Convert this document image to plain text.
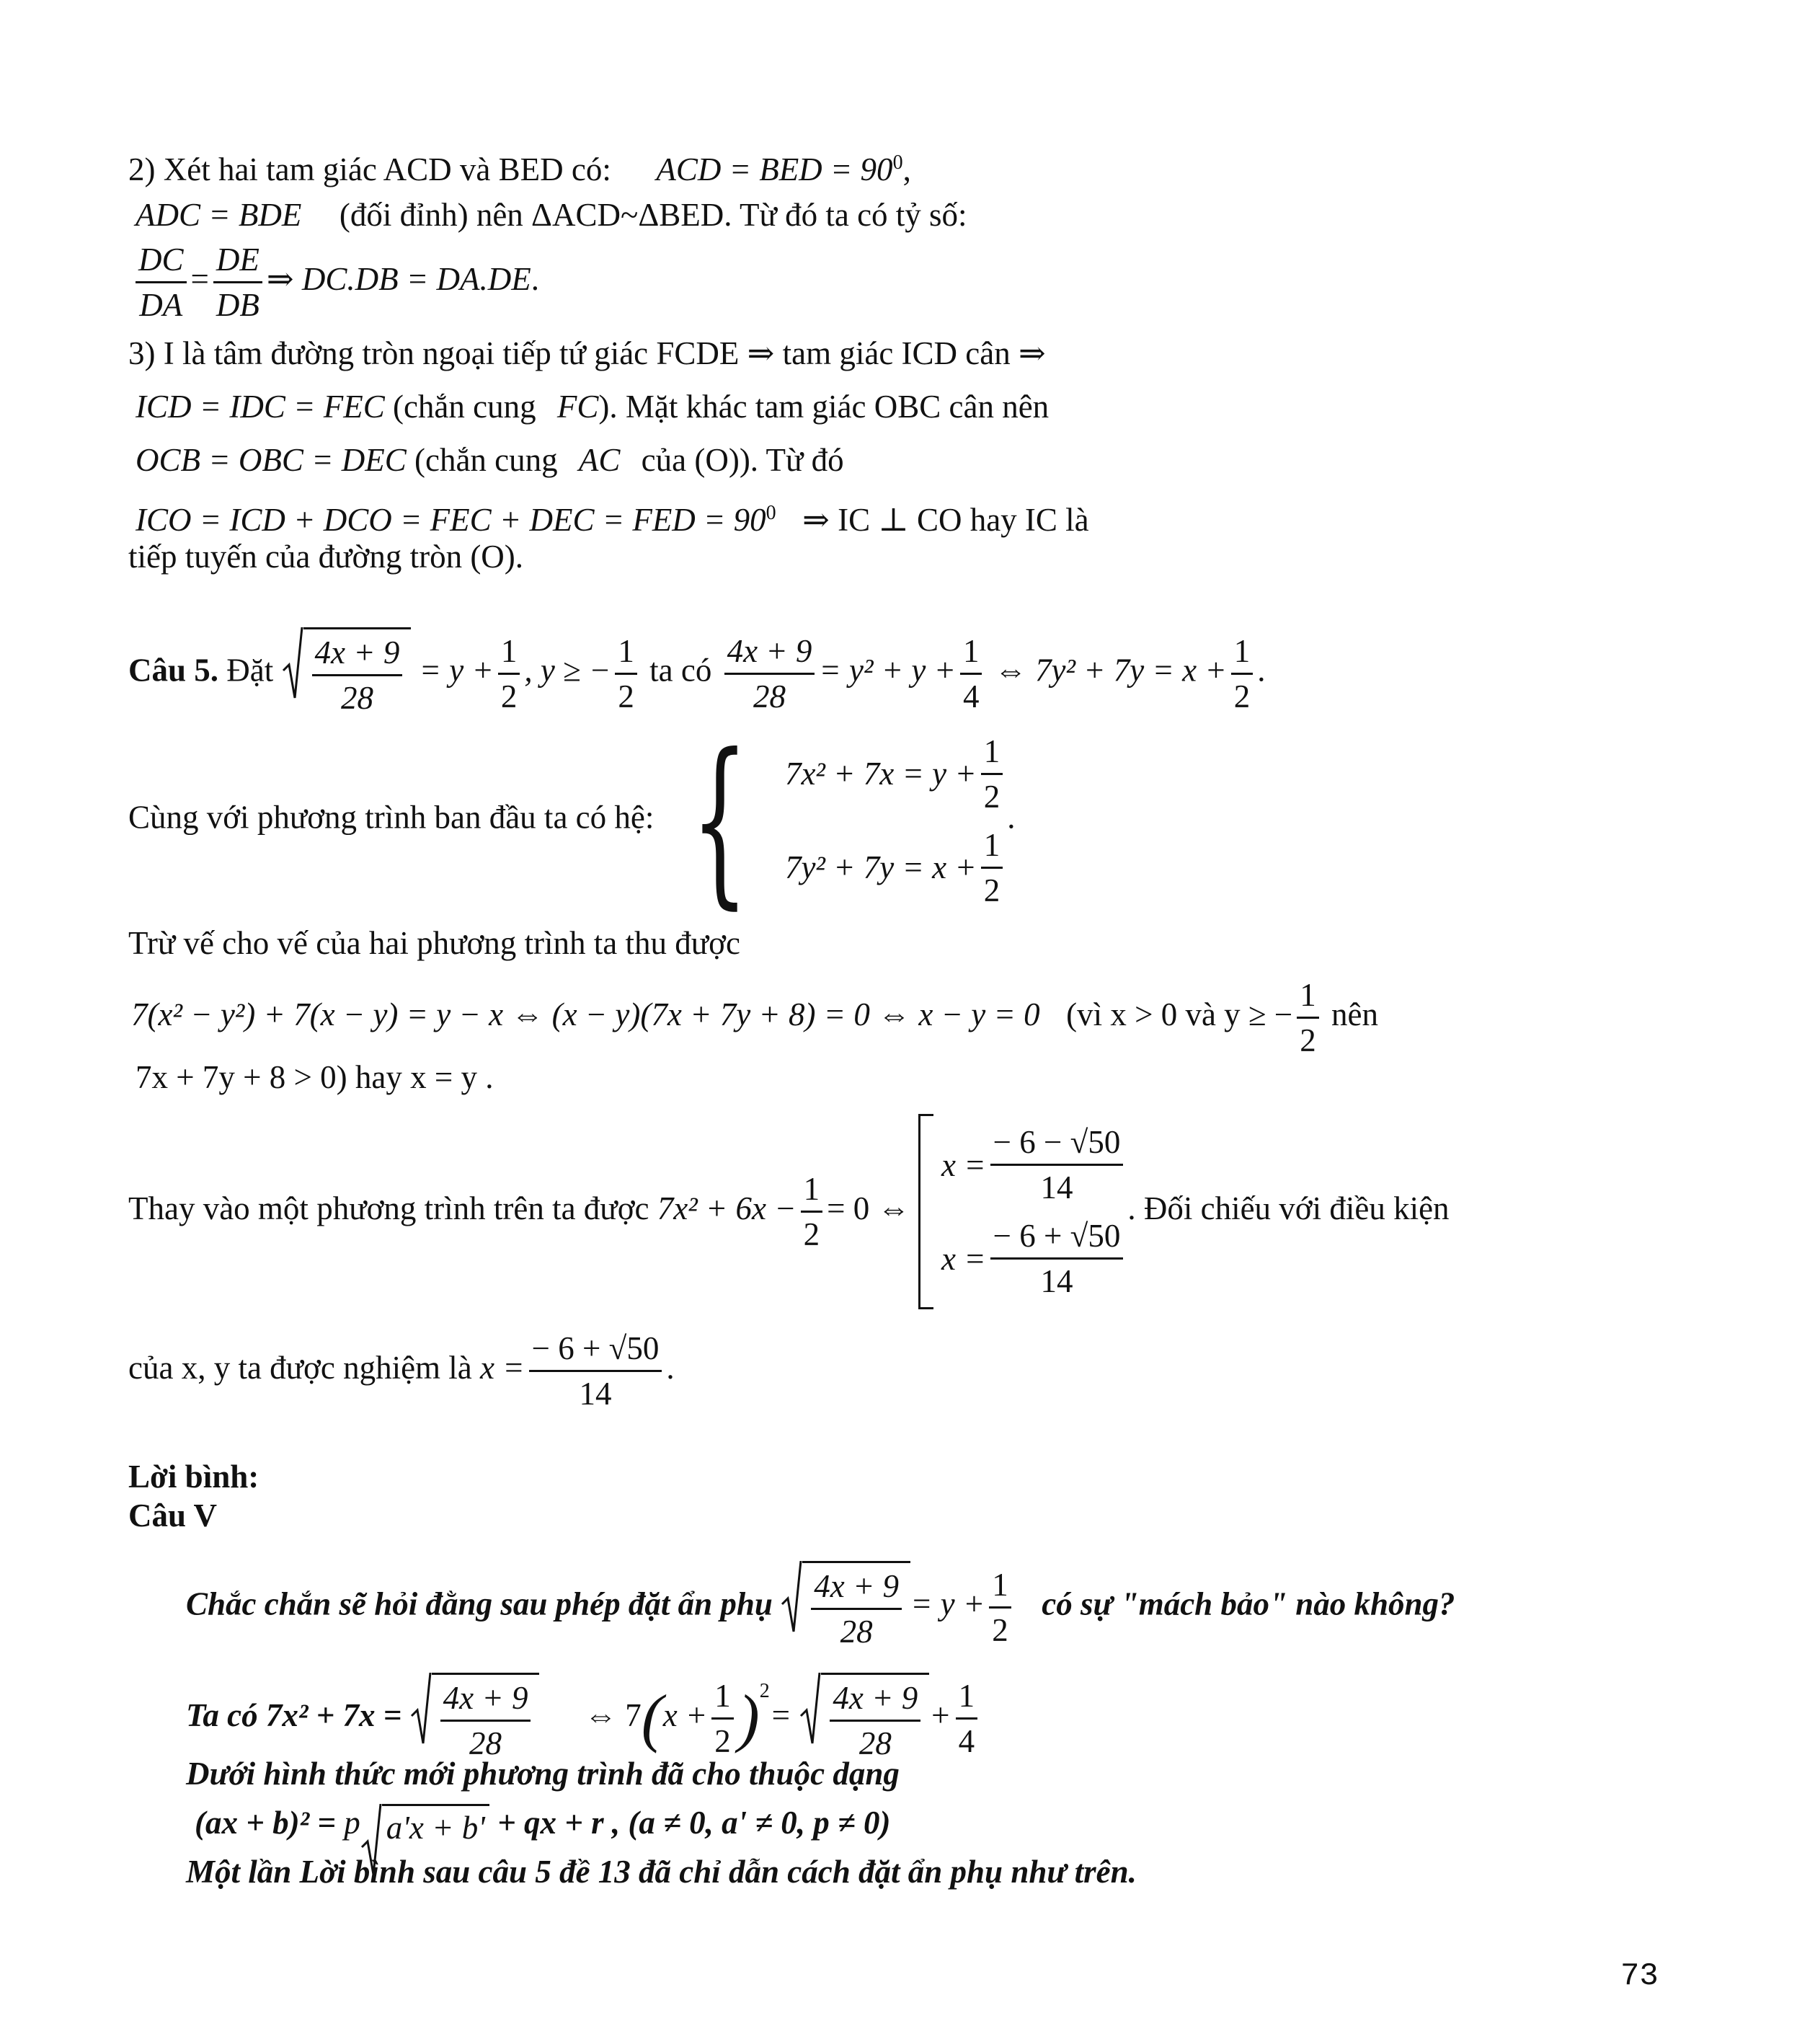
2) Xét hai tam giác ACD và BED có: ACD = BED = $90^0$,
ADC = BDE (đối đỉnh) nên ΔACD~ΔBED. Từ đó ta có tỷ số:
$\frac{DC}{DA} = \frac{DE}{DB}$ ⇒ DC.DB = DA.DE.
3) I là tâm đường tròn ngoại tiếp tứ giác FCDE ⇒ tam giác ICD cân ⇒
ICD = IDC = FEC (chắn cung FC). Mặt khác tam giác OBC cân nên
OCB = OBC = DEC (chắn cung AC của (O)). Từ đó
ICO = ICD + DCO = FEC + DEC = FED = $90^0$ ⇒ IC ⊥ CO hay IC là
tiếp tuyến của đường tròn (O).
Câu 5. Đặt $\frac{4x + 9}{28} = y + \frac{1}{2}$ , y ≥ − $\frac{1}{2}$ ta có $\frac{4x + 9}{28} = y^2 + y + \frac{1}{4}$ ⇔ $7y^2 + 7y = x + \frac{1}{2}$ .
Cùng với phương trình ban đầu ta có hệ: { $7x^2 + 7x = y + \frac{1}{2}$
$7y^2 + 7y = x + \frac{1}{2}$
.
Trừ vế cho vế của hai phương trình ta thu được
7(x² − y²) + 7(x − y) = y − x ⇔ (x − y)(7x + 7y + 8) = 0 ⇔ x − y = 0 (vì x > 0 và y ≥ − $\frac{1}{2}$ nên
7x + 7y + 8 > 0) hay x = y .
Thay vào một phương trình trên ta được $7x^2 + 6x - \frac{1}{2} = 0$ ⇔
$x = \frac{- 6 - √50}{14}$
$x = \frac{- 6 + √50}{14}$
. Đối chiếu với điều kiện
của x, y ta được nghiệm là $x = \frac{- 6 + √50}{14}$ .
Lời bình:
Câu V
Chắc chắn sẽ hỏi đằng sau phép đặt ẩn phụ $\frac{4x + 9}{28} = y + \frac{1}{2}$ có sự "mách bảo" nào không?
Ta có $7x^2 + 7x = \frac{4x + 9}{28}$ ⇔ $7(x + \frac{1}{2} )^2= \frac{4x + 9}{28} + \frac{1}{4}$
Dưới hình thức mới phương trình đã cho thuộc dạng
(ax + b)² = p a'x + b' + qx + r , (a ≠ 0, a' ≠ 0, p ≠ 0)
Một lần Lời bình sau câu 5 đề 13 đã chỉ dẫn cách đặt ẩn phụ như trên.
73
